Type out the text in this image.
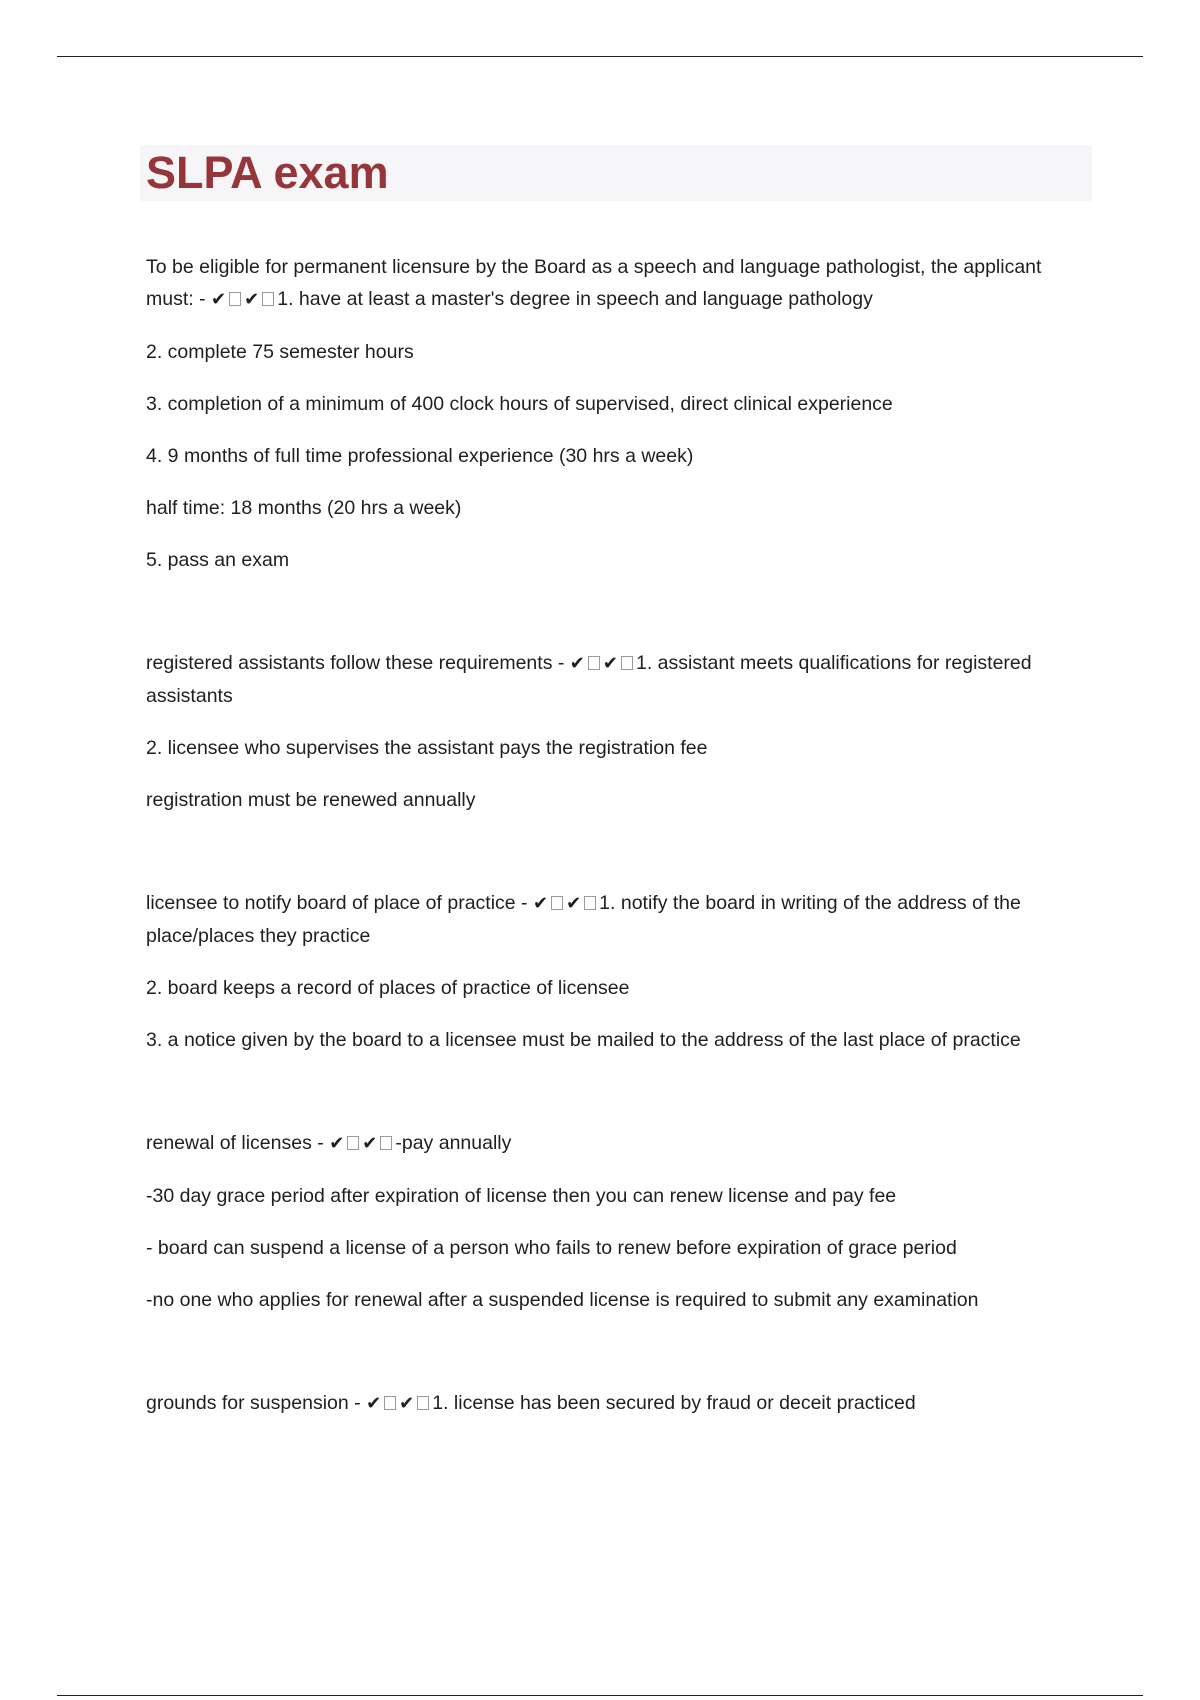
SLPA exam

To be eligible for permanent licensure by the Board as a speech and language pathologist, the applicant must: - ✔ ✔ 1. have at least a master's degree in speech and language pathology

2. complete 75 semester hours

3. completion of a minimum of 400 clock hours of supervised, direct clinical experience

4. 9 months of full time professional experience (30 hrs a week)

half time: 18 months (20 hrs a week)

5. pass an exam

registered assistants follow these requirements - ✔ ✔ 1. assistant meets qualifications for registered assistants

2. licensee who supervises the assistant pays the registration fee

registration must be renewed annually

licensee to notify board of place of practice - ✔ ✔ 1. notify the board in writing of the address of the place/places they practice

2. board keeps a record of places of practice of licensee

3. a notice given by the board to a licensee must be mailed to the address of the last place of practice

renewal of licenses - ✔ ✔ -pay annually

-30 day grace period after expiration of license then you can renew license and pay fee

- board can suspend a license of a person who fails to renew before expiration of grace period

-no one who applies for renewal after a suspended license is required to submit any examination

grounds for suspension - ✔ ✔ 1. license has been secured by fraud or deceit practiced
